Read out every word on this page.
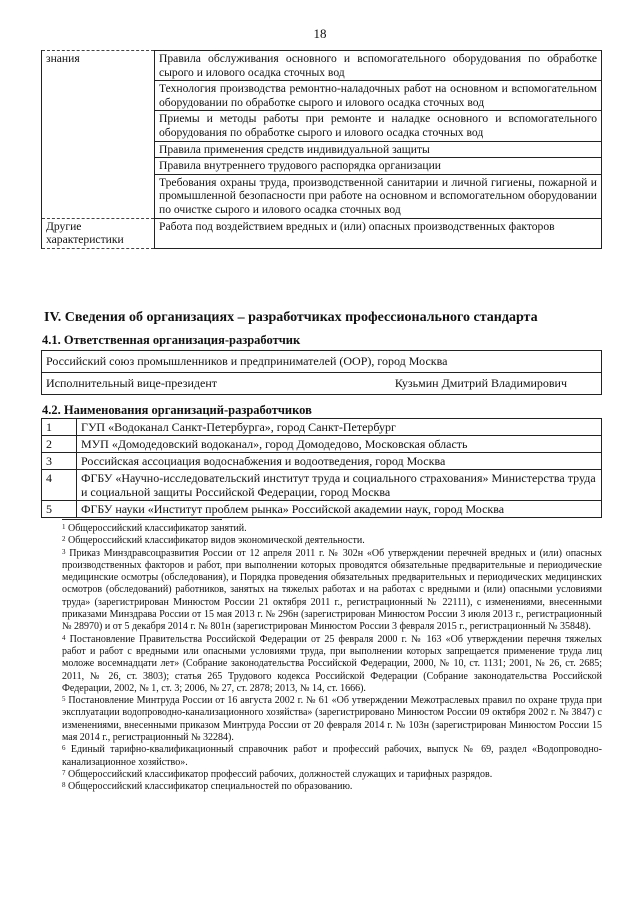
18
знания	Правила обслуживания основного и вспомогательного оборудования по обработке сырого и илового осадка сточных вод
	Технология производства ремонтно-наладочных работ на основном и вспомогательном оборудовании по обработке сырого и илового осадка сточных вод
	Приемы и методы работы при ремонте и наладке основного и вспомогательного оборудования по обработке сырого и илового осадка сточных вод
	Правила применения средств индивидуальной защиты
	Правила внутреннего трудового распорядка организации
	Требования охраны труда, производственной санитарии и личной гигиены, пожарной и промышленной безопасности при работе на основном и вспомогательном оборудовании по очистке сырого и илового осадка сточных вод
Другие характеристики	Работа под воздействием вредных и (или) опасных производственных факторов
IV. Сведения об организациях – разработчиках профессионального стандарта
4.1. Ответственная организация-разработчик
Российский союз промышленников и предпринимателей (ООР), город Москва

Исполнительный вице-президент	Кузьмин Дмитрий Владимирович
4.2. Наименования организаций-разработчиков
1	ГУП «Водоканал Санкт-Петербурга», город Санкт-Петербург
2	МУП «Домодедовский водоканал», город Домодедово, Московская область
3	Российская ассоциация водоснабжения и водоотведения, город Москва
4	ФГБУ «Научно-исследовательский институт труда и социального страхования» Министерства труда и социальной защиты Российской Федерации, город Москва
5	ФГБУ науки «Институт проблем рынка» Российской академии наук, город Москва

$^1$ Общероссийский классификатор занятий.

$^2$ Общероссийский классификатор видов экономической деятельности.

$^3$ Приказ Минздравсоцразвития России от 12 апреля 2011 г. № 302н «Об утверждении перечней вредных и (или) опасных производственных факторов и работ, при выполнении которых проводятся обязательные предварительные и периодические медицинские осмотры (обследования), и Порядка проведения обязательных предварительных и периодических медицинских осмотров (обследований) работников, занятых на тяжелых работах и на работах с вредными и (или) опасными условиями труда» (зарегистрирован Минюстом России 21 октября 2011 г., регистрационный № 22111), с изменениями, внесенными приказами Минздрава России от 15 мая 2013 г. № 296н (зарегистрирован Минюстом России 3 июля 2013 г., регистрационный № 28970) и от 5 декабря 2014 г. № 801н (зарегистрирован Минюстом России 3 февраля 2015 г., регистрационный № 35848).

$^4$ Постановление Правительства Российской Федерации от 25 февраля 2000 г. № 163 «Об утверждении перечня тяжелых работ и работ с вредными или опасными условиями труда, при выполнении которых запрещается применение труда лиц моложе восемнадцати лет» (Собрание законодательства Российской Федерации, 2000, № 10, ст. 1131; 2001, № 26, ст. 2685; 2011, № 26, ст. 3803); статья 265 Трудового кодекса Российской Федерации (Собрание законодательства Российской Федерации, 2002, № 1, ст. 3; 2006, № 27, ст. 2878; 2013, № 14, ст. 1666).

$^5$ Постановление Минтруда России от 16 августа 2002 г. № 61 «Об утверждении Межотраслевых правил по охране труда при эксплуатации водопроводно-канализационного хозяйства» (зарегистрировано Минюстом России 09 октября 2002 г. № 3847) с изменениями, внесенными приказом Минтруда России от 20 февраля 2014 г. № 103н (зарегистрирован Минюстом России 15 мая 2014 г., регистрационный № 32284).

$^6$ Единый тарифно-квалификационный справочник работ и профессий рабочих, выпуск № 69, раздел «Водопроводно-канализационное хозяйство».

$^7$ Общероссийский классификатор профессий рабочих, должностей служащих и тарифных разрядов.

$^8$ Общероссийский классификатор специальностей по образованию.
